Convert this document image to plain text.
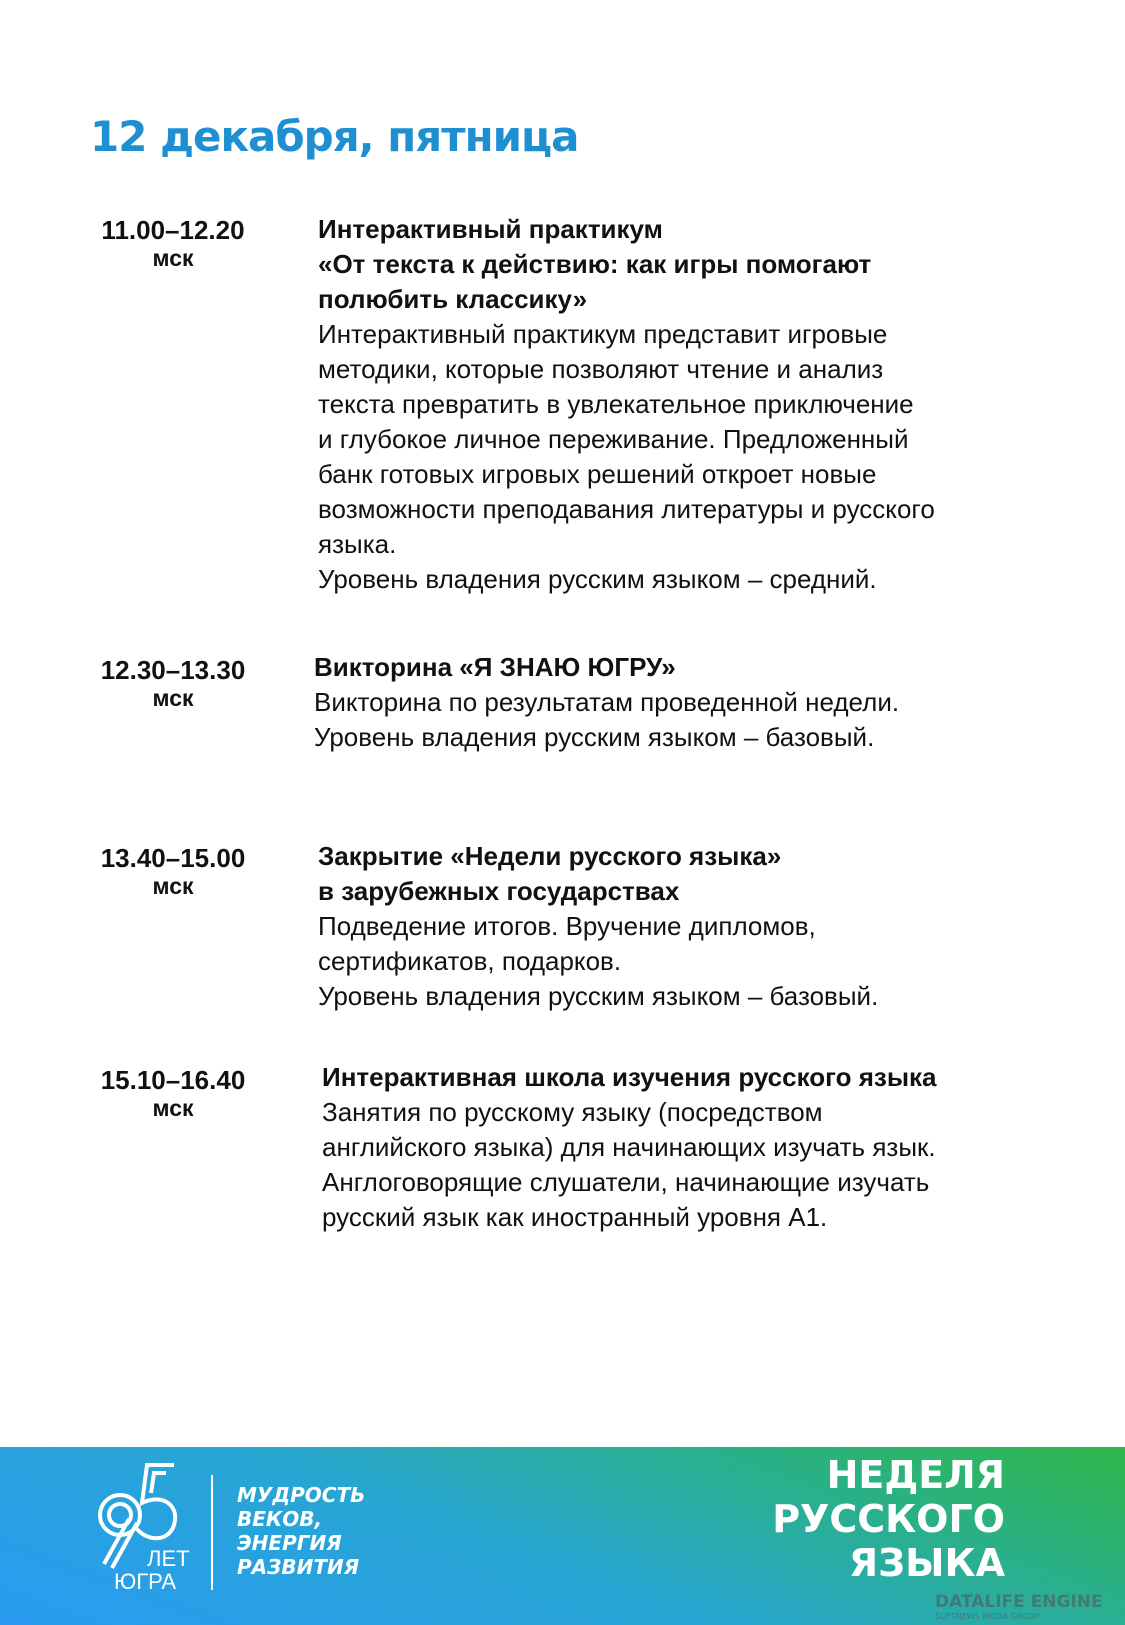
12 декабря, пятница
11.00–12.20
мск
Интерактивный практикум
«От текста к действию: как игры помогают
полюбить классику»
Интерактивный практикум представит игровые
методики, которые позволяют чтение и анализ
текста превратить в увлекательное приключение
и глубокое личное переживание. Предложенный
банк готовых игровых решений откроет новые
возможности преподавания литературы и русского
языка.
Уровень владения русским языком – средний.
12.30–13.30
мск
Викторина «Я ЗНАЮ ЮГРУ»
Викторина по результатам проведенной недели.
Уровень владения русским языком – базовый.
13.40–15.00
мск
Закрытие «Недели русского языка»
в зарубежных государствах
Подведение итогов. Вручение дипломов,
сертификатов, подарков.
Уровень владения русским языком – базовый.
15.10–16.40
мск
Интерактивная школа изучения русского языка
Занятия по русскому языку (посредством
английского языка) для начинающих изучать язык.
Англоговорящие слушатели, начинающие изучать
русский язык как иностранный уровня А1.
ЛЕТ
ЮГРА
МУДРОСТЬ
ВЕКОВ,
ЭНЕРГИЯ
РАЗВИТИЯ
НЕДЕЛЯ
РУССКОГО
ЯЗЫКА
DATALIFE ENGINE
SOFTNEWS MEDIA GROUP
